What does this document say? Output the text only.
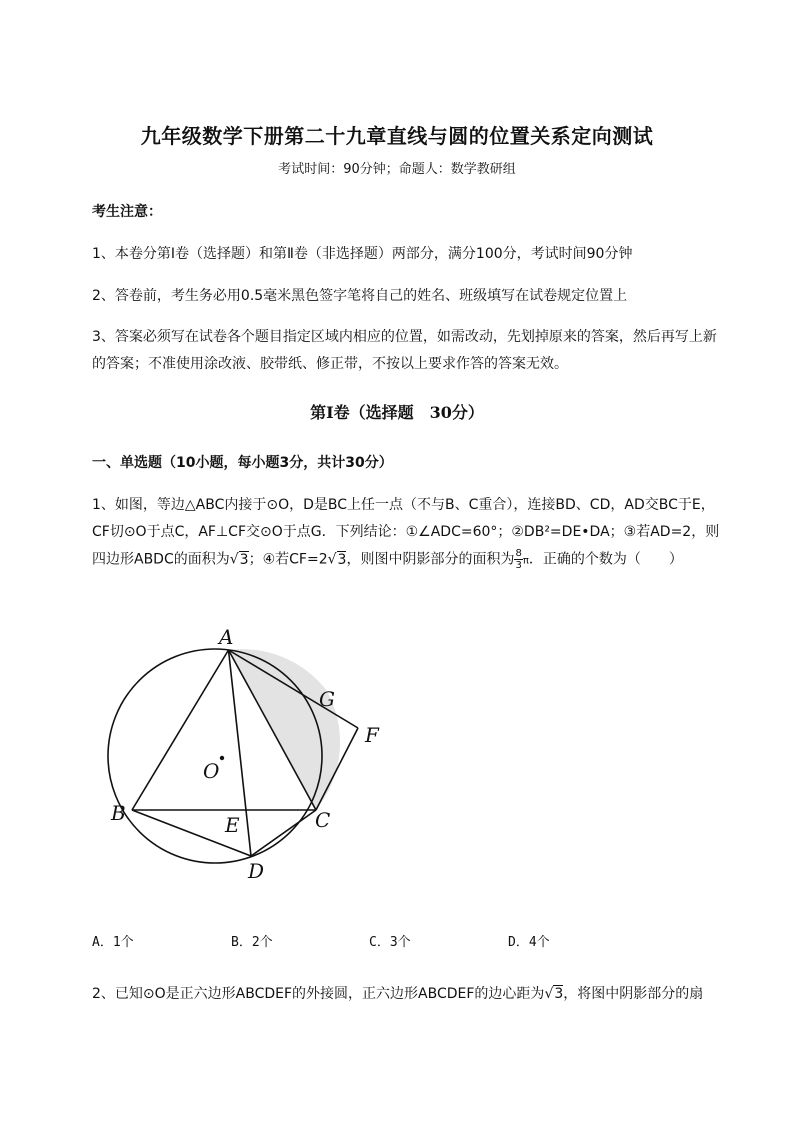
九年级数学下册第二十九章直线与圆的位置关系定向测试
考试时间：90分钟；命题人：数学教研组
考生注意：
1、本卷分第Ⅰ卷（选择题）和第Ⅱ卷（非选择题）两部分，满分100分，考试时间90分钟
2、答卷前，考生务必用0.5毫米黑色签字笔将自己的姓名、班级填写在试卷规定位置上
3、答案必须写在试卷各个题目指定区域内相应的位置，如需改动，先划掉原来的答案，然后再写上新
的答案；不准使用涂改液、胶带纸、修正带，不按以上要求作答的答案无效。
第Ⅰ卷（选择题　30分）
一、单选题（10小题，每小题3分，共计30分）
1、如图，等边△ABC内接于⊙O，D是BC上任一点（不与B、C重合），连接BD、CD，AD交BC于E，
CF切⊙O于点C，AF⊥CF交⊙O于点G．下列结论：①∠ADC=60°；②DB²=DE•DA；③若AD=2，则
四边形ABDC的面积为√3；④若CF=2√3，则图中阴影部分的面积为 $\frac{8}{3}$ π．正确的个数为（　　）
A
B	C
D
E
F
G
O
A．1个	B．2个	C．3个	D．4个
2、已知⊙O是正六边形ABCDEF的外接圆，正六边形ABCDEF的边心距为√3，将图中阴影部分的扇
